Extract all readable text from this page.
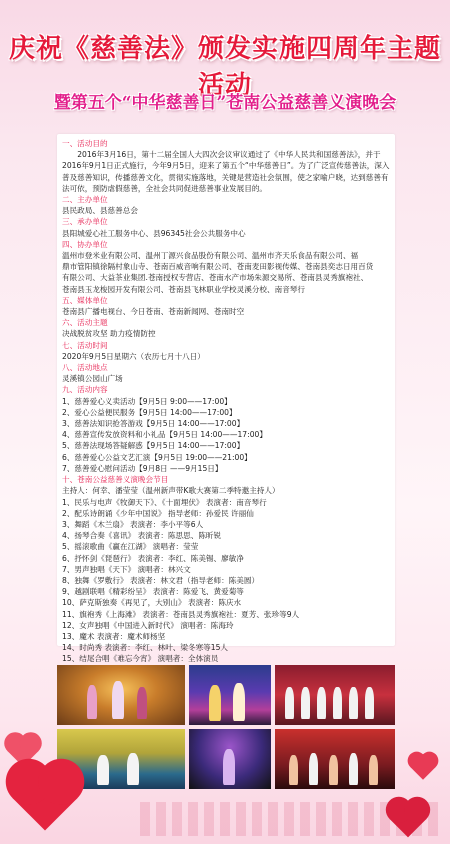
庆祝《慈善法》颁发实施四周年主题活动
暨第五个“中华慈善日”苍南公益慈善义演晚会
一、活动目的
2016年3月16日，第十二届全国人大四次会议审议通过了《中华人民共和国慈善法》，并于2016年9月1日正式施行，今年9月5日，迎来了第五个“中华慈善日”。为了广泛宣传慈善法，深入普及慈善知识，传播慈善文化，贯彻实施落地，关键是营造社会氛围，使之家喻户晓，达到慈善有法可依，预防虐假慈善，全社会共同促进慈善事业发展目的。
二、主办单位
县民政局、县慈善总会
三、承办单位
县阳城爱心社工服务中心、县96345社会公共服务中心
四、协办单位
温州市登米业有限公司、温州丁源兴食品股份有限公司、温州市齐天乐食品有限公司、福
鼎市管阳镇徐隔村象山寺、苍南百威音响有限公司、苍南麦田影视传媒、苍南县奕志日用百货
有限公司、大益茶业集团.苍南授权专营店、苍南水产市场朱源交易所、苍南县灵秀旗袍社、
苍南县玉龙梭园开发有限公司、苍南县飞林职业学校灵溪分校、南音琴行
五、媒体单位
苍南县广播电视台、今日苍南、苍南新闻网、苍南时空
六、活动主题
决战脱贫攻坚 助力疫情防控
七、活动时间
2020年9月5日星期六（农历七月十八日）
八、活动地点
灵溪镇公园山广场
九、活动内容
1、慈善爱心义卖活动【9月5日 9:00——17:00】
2、爱心公益便民服务【9月5日 14:00——17:00】
3、慈善法知识抢答游戏【9月5日 14:00——17:00】
4、慈善宣传发放资料和小礼品【9月5日 14:00——17:00】
5、慈善法现场答疑解惑【9月5日 14:00——17:00】
6、慈善爱心公益文艺汇演【9月5日 19:00——21:00】
7、慈善爱心慰问活动【9月8日 ——9月15日】
十、苍南公益慈善义演晚会节目
主持人：何幸、潘莹莹（温州新声带K歌大赛第二季特邀主持人）
1、民乐与电声《牧御天下》、《十面埋伏》 表演者：南音琴行
2、配乐诗朗诵《少年中国说》 指导老师：孙爱民 许丽仙
3、舞蹈《木兰扇》 表演者：李小平等6人
4、扬琴合奏《喜讯》 表演者：陈思思、陈昕锐
5、摇滚歌曲《赢在江湖》 演唱者：莹莹
6、抒怀剑《琵琶行》 表演者：李红、陈美锡、廖敏净
7、男声独唱《天下》 演唱者：林兴文
8、独舞《罗敷行》 表演者：林文君（指导老师：陈美圆）
9、越剧联唱《精彩纷呈》 表演者：陈爱飞、黄爱菊等
10、萨克斯独奏《再见了，大别山》 表演者：陈庆水
11、旗袍秀《上海滩》 表演者：苍南县灵秀旗袍社：夏芳、张珍等9人
12、女声独唱《中国进入新时代》 演唱者：陈海玲
13、魔术 表演者：魔术师杨坚
14、时尚秀 表演者：李红、林叶、梁冬寒等15人
15、结尾合唱《难忘今宵》 演唱者：全体演员
